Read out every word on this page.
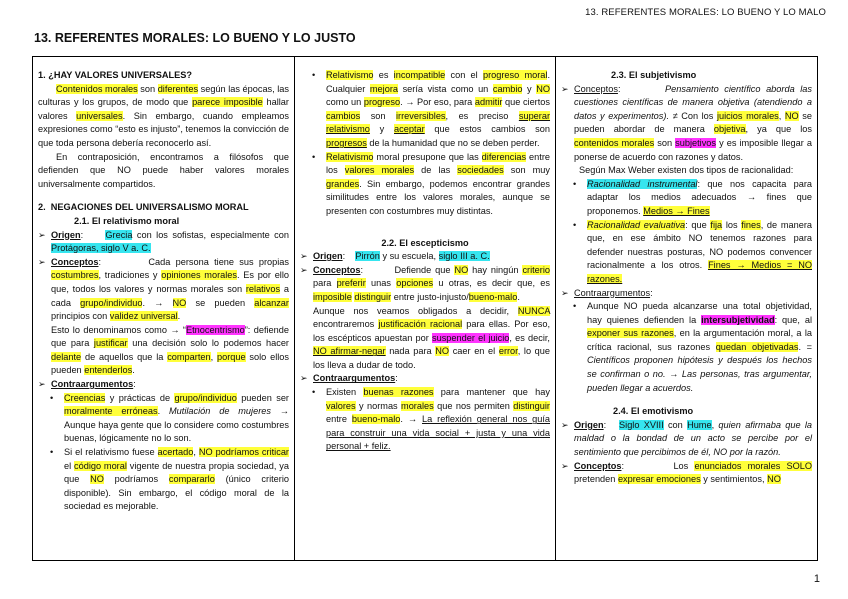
13. REFERENTES MORALES: LO BUENO Y LO MALO
13. REFERENTES MORALES: LO BUENO Y LO JUSTO

1. ¿HAY VALORES UNIVERSALES?

Contenidos morales son diferentes según las épocas, las culturas y los grupos, de modo que parece imposible hallar valores universales. Sin embargo, cuando empleamos expresiones como “esto es injusto”, tenemos la convicción de que toda persona debería reconocerlo así.

En contraposición, encontramos a filósofos que defienden que NO puede haber valores morales universalmente compartidos.

2.  NEGACIONES DEL UNIVERSALISMO MORAL

2.1. El relativismo moral

➢ Origen:     Grecia con los sofistas, especialmente con Protágoras, siglo V a. C.

➢ Conceptos:         Cada persona tiene sus propias costumbres, tradiciones y opiniones morales. Es por ello que, todos los valores y normas morales son relativos a cada grupo/individuo. → NO se pueden alcanzar principios con validez universal.

Esto lo denominamos como → “Etnocentrismo”: defiende que para justificar una decisión solo lo podemos hacer delante de aquellos que la comparten, porque solo ellos pueden entenderlos.

➢ Contraargumentos:

• Creencias y prácticas de grupo/individuo pueden ser moralmente erróneas. Mutilación de mujeres → Aunque haya gente que lo considere como costumbres buenas, lógicamente no lo son.

• Si el relativismo fuese acertado, NO podríamos criticar el código moral vigente de nuestra propia sociedad, ya que NO podríamos compararlo (único criterio disponible). Sin embargo, el código moral de la sociedad es mejorable.

• Relativismo es incompatible con el progreso moral. Cualquier mejora sería vista como un cambio y NO como un progreso. → Por eso, para admitir que ciertos cambios son irreversibles, es preciso superar relativismo y aceptar que estos cambios son progresos de la humanidad que no se deben perder.

• Relativismo moral presupone que las diferencias entre los valores morales de las sociedades son muy grandes. Sin embargo, podemos encontrar grandes similitudes entre los valores morales, aunque se presenten con costumbres muy distintas.

2.2. El escepticismo

➢ Origen:    Pirrón y su escuela, siglo III a. C.

➢ Conceptos:        Defiende que NO hay ningún criterio para preferir unas opciones u otras, es decir que, es imposible distinguir entre justo-injusto/bueno-malo.

Aunque nos veamos obligados a decidir, NUNCA encontraremos justificación racional para ellas. Por eso, los escépticos apuestan por suspender el juicio, es decir, NO afirmar-negar nada para NO caer en el error, lo que los lleva a dudar de todo.

➢ Contraargumentos:

• Existen buenas razones para mantener que hay valores y normas morales que nos permiten distinguir entre bueno-malo. → La reflexión general nos guía para construir una vida social + justa y una vida personal + feliz.

2.3. El subjetivismo

➢ Conceptos:        Pensamiento científico aborda las cuestiones científicas de manera objetiva (atendiendo a datos y experimentos). ≠ Con los juicios morales, NO se pueden abordar de manera objetiva, ya que los contenidos morales son subjetivos y es imposible llegar a ponerse de acuerdo con razones y datos.

Según Max Weber existen dos tipos de racionalidad:

• Racionalidad instrumental: que nos capacita para adaptar los medios adecuados → fines que proponemos. Medios → Fines

• Racionalidad evaluativa: que fija los fines, de manera que, en ese ámbito NO tenemos razones para defender nuestras posturas, NO podemos convencer racionalmente a los otros. Fines → Medios = NO razones.

➢ Contraargumentos:

• Aunque NO pueda alcanzarse una total objetividad, hay quienes defienden la intersubjetividad: que, al exponer sus razones, en la argumentación moral, a la crítica racional, sus razones quedan objetivadas. = Científicos proponen hipótesis y después los hechos se confirman o no. → Las personas, tras argumentar, pueden llegar a acuerdos.

2.4. El emotivismo

➢ Origen:   Siglo XVIII con Hume, quien afirmaba que la maldad o la bondad de un acto se percibe por el sentimiento que percibimos de él, NO por la razón.

➢ Conceptos:        Los enunciados morales SOLO pretenden expresar emociones y sentimientos, NO

1
